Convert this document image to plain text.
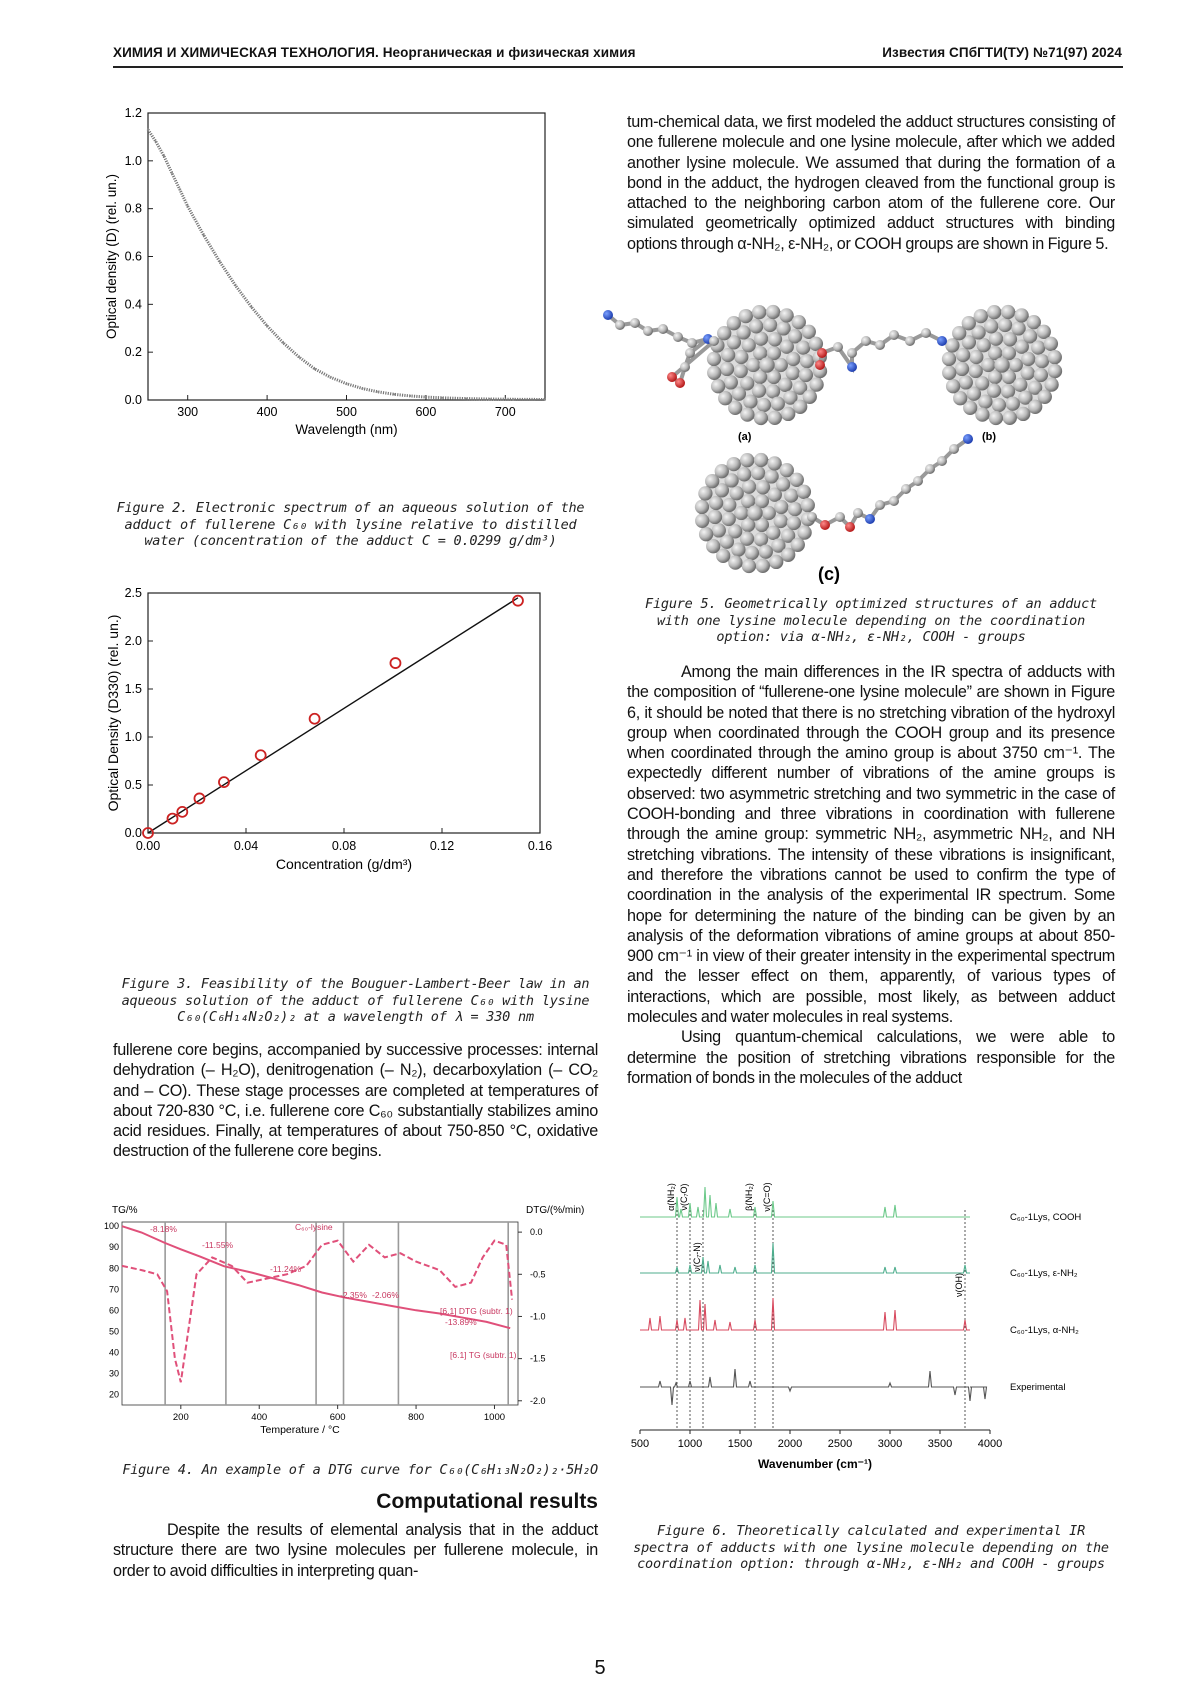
ХИМИЯ И ХИМИЧЕСКАЯ ТЕХНОЛОГИЯ. Неорганическая и физическая химия	Известия СПбГТИ(ТУ) №71(97) 2024
300	400	500	600	700
0.0
0.2
0.4
0.6
0.8
1.0
1.2
Wavelength (nm)
Optical density (D) (rel. un.)
Figure 2. Electronic spectrum of an aqueous solution of the adduct of fullerene C₆₀ with lysine relative to distilled water (concentration of the adduct C = 0.0299 g/dm³)
0.00	0.04	0.08	0.12	0.16
0.0
0.5
1.0
1.5
2.0
2.5
Concentration (g/dm³)
Optical Density (D330) (rel. un.)
Figure 3. Feasibility of the Bouguer-Lambert-Beer law in an aqueous solution of the adduct of fullerene C₆₀ with lysine C₆₀(C₆H₁₄N₂O₂)₂ at a wavelength of λ = 330 nm
fullerene core begins, accompanied by successive processes: internal dehydration (– H₂O), denitrogenation (– N₂), decarboxylation (– CO₂ and – CO). These stage processes are completed at temperatures of about 720-830 °C, i.e. fullerene core C₆₀ substantially stabilizes amino acid residues. Finally, at temperatures of about 750-850 °C, oxidative destruction of the fullerene core begins.
TG/%	DTG/(%/min)
100
90
80
70
60
50
40
30
20
0.0
-0.5
-1.0
-1.5
-2.0
200	400	600	800	1000
Temperature / °C
-8.18%
-11.55%
C₆₀-lysine
-11.24%
-2.35% -2.06%
[6.1] DTG (subtr. 1)
-13.89%
[6.1] TG (subtr. 1)
Figure 4. An example of a DTG curve for C₆₀(C₆H₁₃N₂O₂)₂·5H₂O
Computational results
Despite the results of elemental analysis that in the adduct structure there are two lysine molecules per fullerene molecule, in order to avoid difficulties in interpreting quan-
tum-chemical data, we first modeled the adduct structures consisting of one fullerene molecule and one lysine molecule, after which we added another lysine molecule. We assumed that during the formation of a bond in the adduct, the hydrogen cleaved from the functional group is attached to the neighboring carbon atom of the fullerene core. Our simulated geometrically optimized adduct structures with binding options through α-NH₂, ε-NH₂, or COOH groups are shown in Figure 5.
(a)	(b)
(c)
Figure 5. Geometrically optimized structures of an adduct with one lysine molecule depending on the coordination option: via α-NH₂, ε-NH₂, COOH - groups
Among the main differences in the IR spectra of adducts with the composition of “fullerene-one lysine molecule” are shown in Figure 6, it should be noted that there is no stretching vibration of the hydroxyl group when coordinated through the COOH group and its presence when coordinated through the amino group is about 3750 cm⁻¹. The expectedly different number of vibrations of the amine groups is observed: two asymmetric stretching and two symmetric in the case of COOH-bonding and three vibrations in coordination with fullerene through the amine group: symmetric NH₂, asymmetric NH₂, and NH stretching vibrations. The intensity of these vibrations is insignificant, and therefore the vibrations cannot be used to confirm the type of coordination in the analysis of the experimental IR spectrum. Some hope for determining the nature of the binding can be given by an analysis of the deformation vibrations of amine groups at about 850-900 cm⁻¹ in view of their greater intensity in the experimental spectrum and the lesser effect on them, apparently, of various types of interactions, which are possible, most likely, as between adduct molecules and water molecules in real systems.
Using quantum-chemical calculations, we were able to determine the position of stretching vibrations responsible for the formation of bonds in the molecules of the adduct
500	1000 1500 2000 2500 3000 3500 4000
Wavenumber (cm⁻¹)
α(NH₂) ν(C₇O)
ν(C₇-N)
β(NH₂) ν(C=O)
ν(OH)
C₆₀-1Lys, COOH
C₆₀-1Lys, ε-NH₂
C₆₀-1Lys, α-NH₂
Experimental
Figure 6. Theoretically calculated and experimental IR spectra of adducts with one lysine molecule depending on the coordination option: through α-NH₂, ε-NH₂ and COOH - groups
5
